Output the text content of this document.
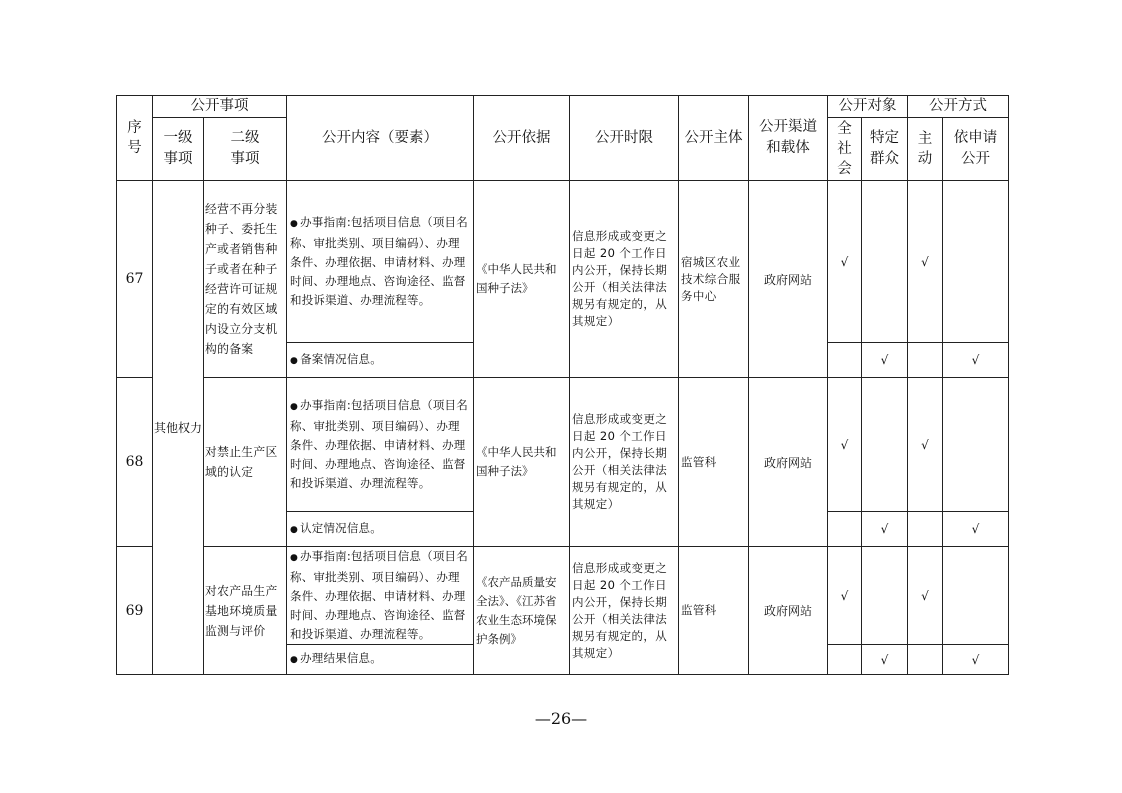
序号	公开事项		公开内容（要素）	公开依据	公开时限	公开主体	公开渠道和载体	公开对象		公开方式	
	一级事项	二级事项						全社会	特定群众	主动	依申请公开
67	其他权力	经营不再分装种子、委托生产或者销售种子或者在种子经营许可证规定的有效区域内设立分支机构的备案	● 办事指南:包括项目信息（项目名称、审批类别、项目编码）、办理条件、办理依据、申请材料、办理时间、办理地点、咨询途径、监督和投诉渠道、办理流程等。	《中华人民共和国种子法》	信息形成或变更之日起 20 个工作日内公开，保持长期公开（相关法律法规另有规定的，从其规定）	宿城区农业技术综合服务中心	政府网站	√		√	
			● 备案情况信息。						√		√
68		对禁止生产区域的认定	● 办事指南:包括项目信息（项目名称、审批类别、项目编码）、办理条件、办理依据、申请材料、办理时间、办理地点、咨询途径、监督和投诉渠道、办理流程等。	《中华人民共和国种子法》	信息形成或变更之日起 20 个工作日内公开，保持长期公开（相关法律法规另有规定的，从其规定）	监管科	政府网站	√		√	
			● 认定情况信息。						√		√
69		对农产品生产基地环境质量监测与评价	● 办事指南:包括项目信息（项目名称、审批类别、项目编码）、办理条件、办理依据、申请材料、办理时间、办理地点、咨询途径、监督和投诉渠道、办理流程等。	《农产品质量安全法》、《江苏省农业生态环境保护条例》	信息形成或变更之日起 20 个工作日内公开，保持长期公开（相关法律法规另有规定的，从其规定）	监管科	政府网站	√		√	
			● 办理结果信息。						√		√
—26—
